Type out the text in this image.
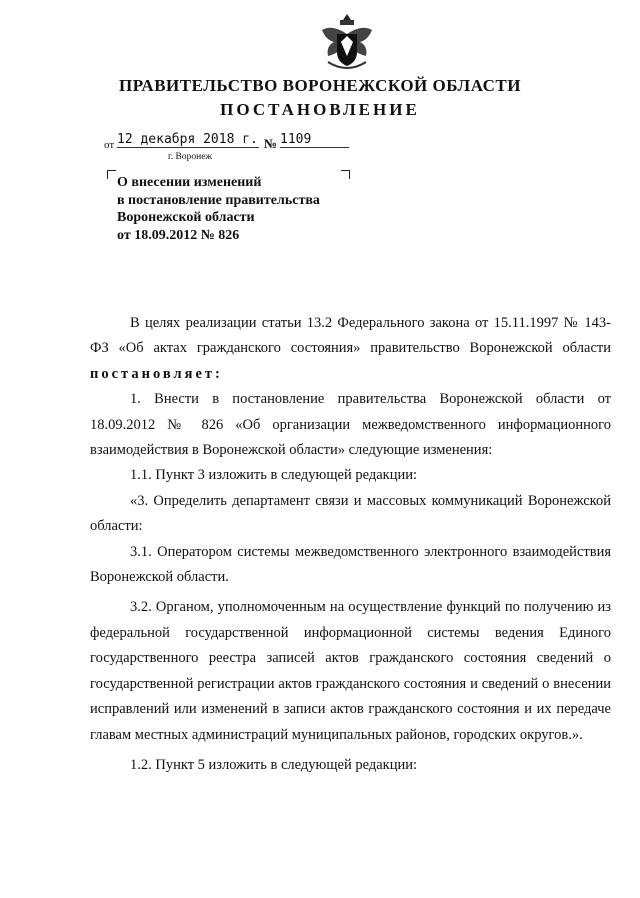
ПРАВИТЕЛЬСТВО ВОРОНЕЖСКОЙ ОБЛАСТИ
ПОСТАНОВЛЕНИЕ
от 12 декабря 2018 г. № 1109
г. Воронеж
О внесении изменений
в постановление правительства
Воронежской области
от 18.09.2012 № 826

В целях реализации статьи 13.2 Федерального закона от 15.11.1997 № 143-ФЗ «Об актах гражданского состояния» правительство Воронежской области постановляет:

1. Внести в постановление правительства Воронежской области от 18.09.2012 № 826 «Об организации межведомственного информационного взаимодействия в Воронежской области» следующие изменения:

1.1. Пункт 3 изложить в следующей редакции:

«3. Определить департамент связи и массовых коммуникаций Воронежской области:

3.1. Оператором системы межведомственного электронного взаимодействия Воронежской области.

3.2. Органом, уполномоченным на осуществление функций по получению из федеральной государственной информационной системы ведения Единого государственного реестра записей актов гражданского состояния сведений о государственной регистрации актов гражданского состояния и сведений о внесении исправлений или изменений в записи актов гражданского состояния и их передаче главам местных администраций муниципальных районов, городских округов.».

1.2. Пункт 5 изложить в следующей редакции:
